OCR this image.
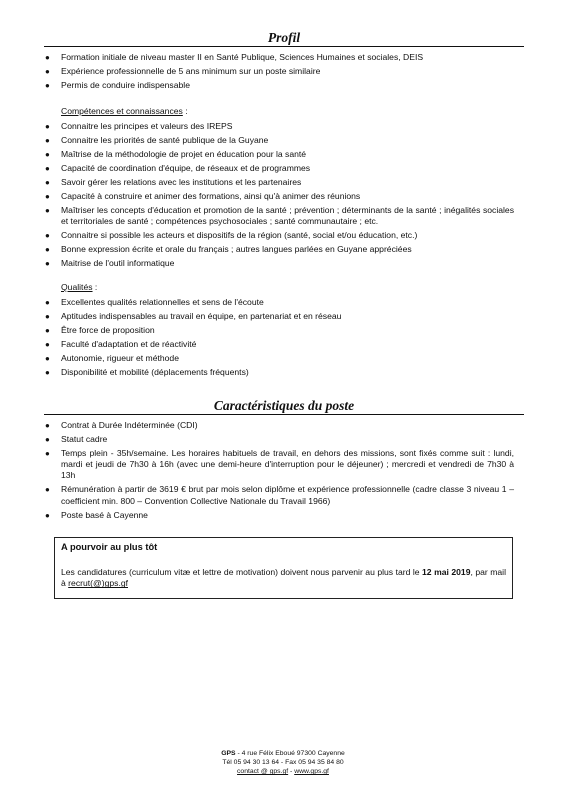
Profil
● Formation initiale de niveau master II en Santé Publique, Sciences Humaines et sociales, DEIS
● Expérience professionnelle de 5 ans minimum sur un poste similaire
● Permis de conduire indispensable
Compétences et connaissances :
● Connaitre les principes et valeurs des IREPS
● Connaitre les priorités de santé publique de la Guyane
● Maîtrise de la méthodologie de projet en éducation pour la santé
● Capacité de coordination d'équipe, de réseaux et de programmes
● Savoir gérer les relations avec les institutions et les partenaires
● Capacité à construire et animer des formations, ainsi qu'à animer des réunions
● Maîtriser les concepts d'éducation et promotion de la santé ; prévention ; déterminants de la santé ; inégalités sociales et territoriales de santé ; compétences psychosociales ; santé communautaire ; etc.
● Connaitre si possible les acteurs et dispositifs de la région (santé, social et/ou éducation, etc.)
● Bonne expression écrite et orale du français ; autres langues parlées en Guyane appréciées
● Maitrise de l'outil informatique
Qualités :
● Excellentes qualités relationnelles et sens de l'écoute
● Aptitudes indispensables au travail en équipe, en partenariat et en réseau
● Être force de proposition
● Faculté d'adaptation et de réactivité
● Autonomie, rigueur et méthode
● Disponibilité et mobilité (déplacements fréquents)
Caractéristiques du poste
● Contrat à Durée Indéterminée (CDI)
● Statut cadre
● Temps plein - 35h/semaine. Les horaires habituels de travail, en dehors des missions, sont fixés comme suit : lundi, mardi et jeudi de 7h30 à 16h (avec une demi-heure d'interruption pour le déjeuner) ; mercredi et vendredi de 7h30 à 13h
● Rémunération à partir de 3619 € brut par mois selon diplôme et expérience professionnelle (cadre classe 3 niveau 1 – coefficient min. 800 – Convention Collective Nationale du Travail 1966)
● Poste basé à Cayenne
A pourvoir au plus tôt
Les candidatures (curriculum vitæ et lettre de motivation) doivent nous parvenir au plus tard le 12 mai 2019, par mail à recrut(@)gps.gf
GPS - 4 rue Félix Eboué 97300 Cayenne
Tél 05 94 30 13 64 - Fax 05 94 35 84 80
contact @ gps.gf - www.gps.gf
